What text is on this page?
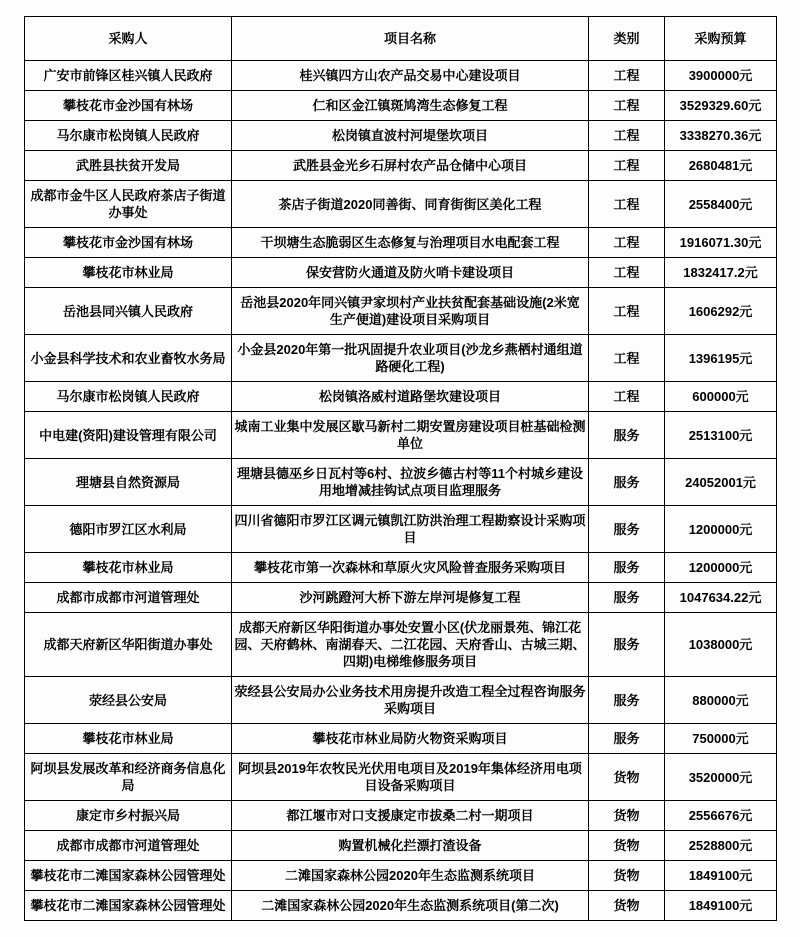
采购人	项目名称	类别	采购预算
广安市前锋区桂兴镇人民政府	桂兴镇四方山农产品交易中心建设项目	工程	3900000元
攀枝花市金沙国有林场	仁和区金江镇斑鸠湾生态修复工程	工程	3529329.60元
马尔康市松岗镇人民政府	松岗镇直波村河堤堡坎项目	工程	3338270.36元
武胜县扶贫开发局	武胜县金光乡石屏村农产品仓储中心项目	工程	2680481元
成都市金牛区人民政府茶店子街道办事处	茶店子街道2020同善街、同育街街区美化工程	工程	2558400元
攀枝花市金沙国有林场	干坝塘生态脆弱区生态修复与治理项目水电配套工程	工程	1916071.30元
攀枝花市林业局	保安营防火通道及防火哨卡建设项目	工程	1832417.2元
岳池县同兴镇人民政府	岳池县2020年同兴镇尹家坝村产业扶贫配套基础设施(2米宽生产便道)建设项目采购项目	工程	1606292元
小金县科学技术和农业畜牧水务局	小金县2020年第一批巩固提升农业项目(沙龙乡燕栖村通组道路硬化工程)	工程	1396195元
马尔康市松岗镇人民政府	松岗镇洛威村道路堡坎建设项目	工程	600000元
中电建(资阳)建设管理有限公司	城南工业集中发展区歇马新村二期安置房建设项目桩基础检测单位	服务	2513100元
理塘县自然资源局	理塘县德巫乡日瓦村等6村、拉波乡德古村等11个村城乡建设用地增减挂钩试点项目监理服务	服务	24052001元
德阳市罗江区水利局	四川省德阳市罗江区调元镇凯江防洪治理工程勘察设计采购项目	服务	1200000元
攀枝花市林业局	攀枝花市第一次森林和草原火灾风险普查服务采购项目	服务	1200000元
成都市成都市河道管理处	沙河跳蹬河大桥下游左岸河堤修复工程	服务	1047634.22元
成都天府新区华阳街道办事处	成都天府新区华阳街道办事处安置小区(伏龙丽景苑、锦江花园、天府鹤林、南湖春天、二江花园、天府香山、古城三期、四期)电梯维修服务项目	服务	1038000元
荥经县公安局	荥经县公安局办公业务技术用房提升改造工程全过程咨询服务采购项目	服务	880000元
攀枝花市林业局	攀枝花市林业局防火物资采购项目	服务	750000元
阿坝县发展改革和经济商务信息化局	阿坝县2019年农牧民光伏用电项目及2019年集体经济用电项目设备采购项目	货物	3520000元
康定市乡村振兴局	都江堰市对口支援康定市拔桑二村一期项目	货物	2556676元
成都市成都市河道管理处	购置机械化拦漂打渣设备	货物	2528800元
攀枝花市二滩国家森林公园管理处	二滩国家森林公园2020年生态监测系统项目	货物	1849100元
攀枝花市二滩国家森林公园管理处	二滩国家森林公园2020年生态监测系统项目(第二次)	货物	1849100元
